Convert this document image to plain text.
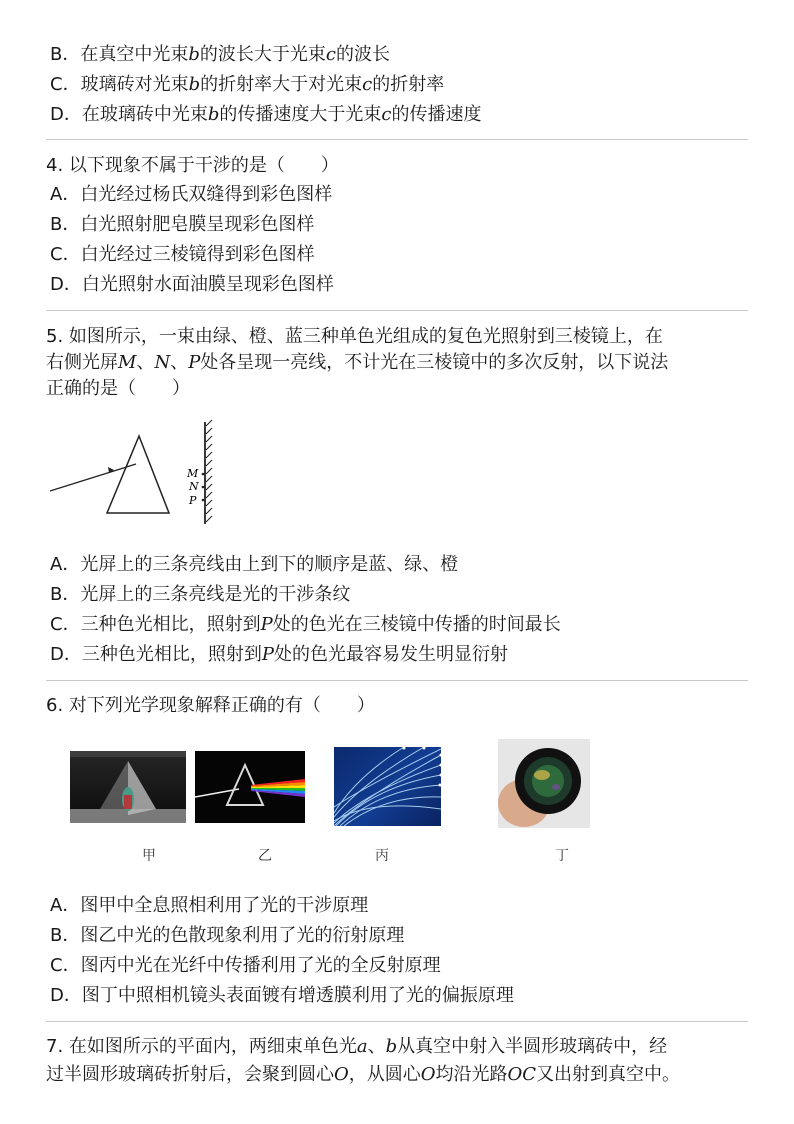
B．在真空中光束b的波长大于光束c的波长
C．玻璃砖对光束b的折射率大于对光束c的折射率
D．在玻璃砖中光束b的传播速度大于光束c的传播速度
4. 以下现象不属于干涉的是（　　）
A．白光经过杨氏双缝得到彩色图样
B．白光照射肥皂膜呈现彩色图样
C．白光经过三棱镜得到彩色图样
D．白光照射水面油膜呈现彩色图样
5. 如图所示，一束由绿、橙、蓝三种单色光组成的复色光照射到三棱镜上，在
右侧光屏M、N、P处各呈现一亮线，不计光在三棱镜中的多次反射，以下说法
正确的是（　　）
M
N
P
A．光屏上的三条亮线由上到下的顺序是蓝、绿、橙
B．光屏上的三条亮线是光的干涉条纹
C．三种色光相比，照射到P处的色光在三棱镜中传播的时间最长
D．三种色光相比，照射到P处的色光最容易发生明显衍射
6. 对下列光学现象解释正确的有（　　）
甲	乙	丙	丁
A．图甲中全息照相利用了光的干涉原理
B．图乙中光的色散现象利用了光的衍射原理
C．图丙中光在光纤中传播利用了光的全反射原理
D．图丁中照相机镜头表面镀有增透膜利用了光的偏振原理
7. 在如图所示的平面内，两细束单色光a、b从真空中射入半圆形玻璃砖中，经
过半圆形玻璃砖折射后，会聚到圆心O，从圆心O均沿光路OC又出射到真空中。
